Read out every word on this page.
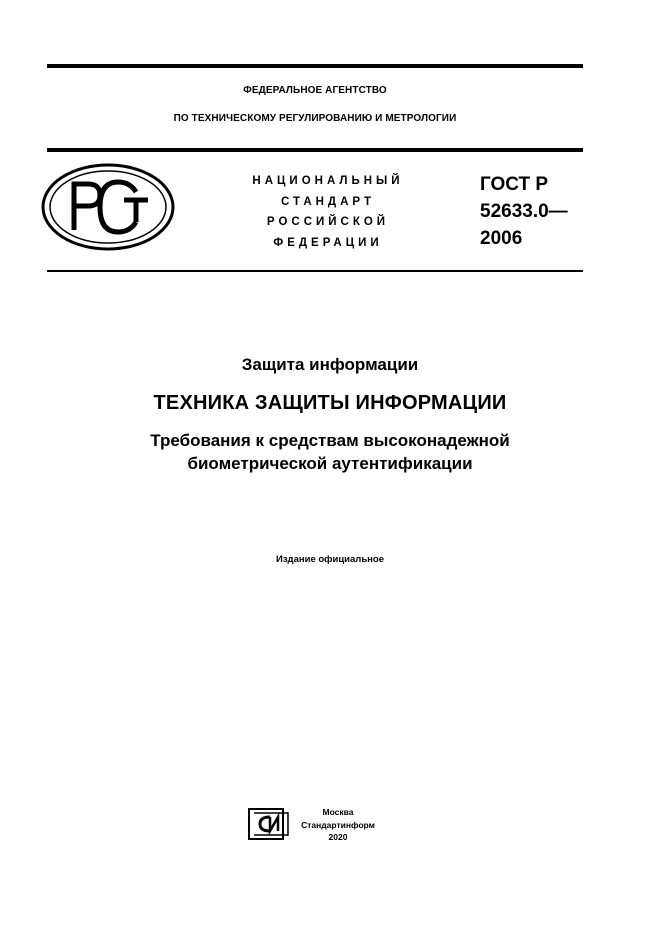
ФЕДЕРАЛЬНОЕ АГЕНТСТВО
ПО ТЕХНИЧЕСКОМУ РЕГУЛИРОВАНИЮ И МЕТРОЛОГИИ
НАЦИОНАЛЬНЫЙ
СТАНДАРТ
РОССИЙСКОЙ
ФЕДЕРАЦИИ
ГОСТ Р
52633.0—
2006
Защита информации
ТЕХНИКА ЗАЩИТЫ ИНФОРМАЦИИ
Требования к средствам высоконадежной
биометрической аутентификации
Издание официальное
Москва
Стандартинформ
2020
